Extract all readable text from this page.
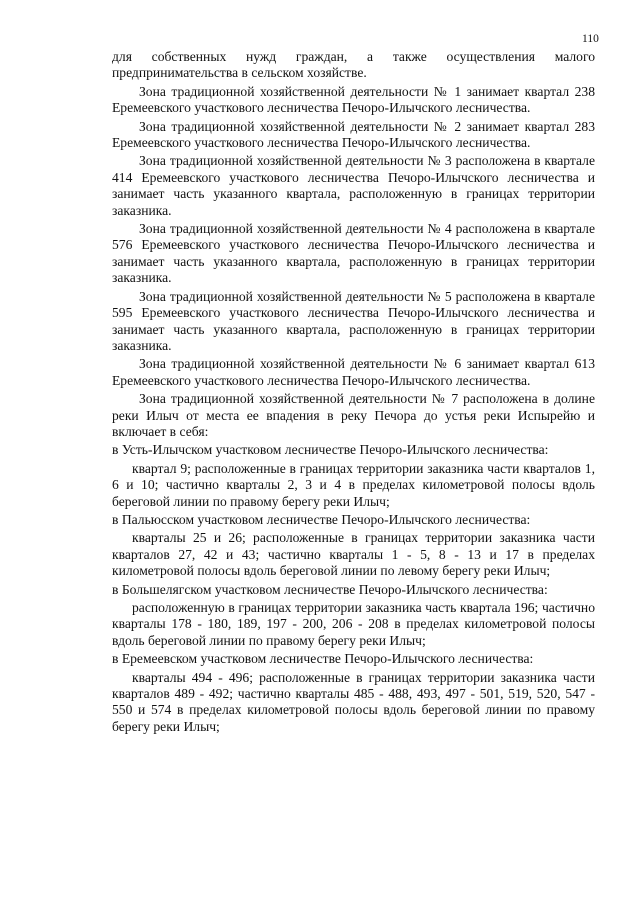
110

для собственных нужд граждан, а также осуществления малого предпринимательства в сельском хозяйстве.

Зона традиционной хозяйственной деятельности № 1 занимает квартал 238 Еремеевского участкового лесничества Печоро-Илычского лесничества.

Зона традиционной хозяйственной деятельности № 2 занимает квартал 283 Еремеевского участкового лесничества Печоро-Илычского лесничества.

Зона традиционной хозяйственной деятельности № 3 расположена в квартале 414 Еремеевского участкового лесничества Печоро-Илычского лесничества и занимает часть указанного квартала, расположенную в границах территории заказника.

Зона традиционной хозяйственной деятельности № 4 расположена в квартале 576 Еремеевского участкового лесничества Печоро-Илычского лесничества и занимает часть указанного квартала, расположенную в границах территории заказника.

Зона традиционной хозяйственной деятельности № 5 расположена в квартале 595 Еремеевского участкового лесничества Печоро-Илычского лесничества и занимает часть указанного квартала, расположенную в границах территории заказника.

Зона традиционной хозяйственной деятельности № 6 занимает квартал 613 Еремеевского участкового лесничества Печоро-Илычского лесничества.

Зона традиционной хозяйственной деятельности № 7 расположена в долине реки Илыч от места ее впадения в реку Печора до устья реки Испырейю и включает в себя:

в Усть-Илычском участковом лесничестве Печоро-Илычского лесничества:

квартал 9; расположенные в границах территории заказника части кварталов 1, 6 и 10; частично кварталы 2, 3 и 4 в пределах километровой полосы вдоль береговой линии по правому берегу реки Илыч;

в Пальюсском участковом лесничестве Печоро-Илычского лесничества:

кварталы 25 и 26; расположенные в границах территории заказника части кварталов 27, 42 и 43; частично кварталы 1 - 5, 8 - 13 и 17 в пределах километровой полосы вдоль береговой линии по левому берегу реки Илыч;

в Большелягском участковом лесничестве Печоро-Илычского лесничества:

расположенную в границах территории заказника часть квартала 196; частично кварталы 178 - 180, 189, 197 - 200, 206 - 208 в пределах километровой полосы вдоль береговой линии по правому берегу реки Илыч;

в Еремеевском участковом лесничестве Печоро-Илычского лесничества:

кварталы 494 - 496; расположенные в границах территории заказника части кварталов 489 - 492; частично кварталы 485 - 488, 493, 497 - 501, 519, 520, 547 - 550 и 574 в пределах километровой полосы вдоль береговой линии по правому берегу реки Илыч;
